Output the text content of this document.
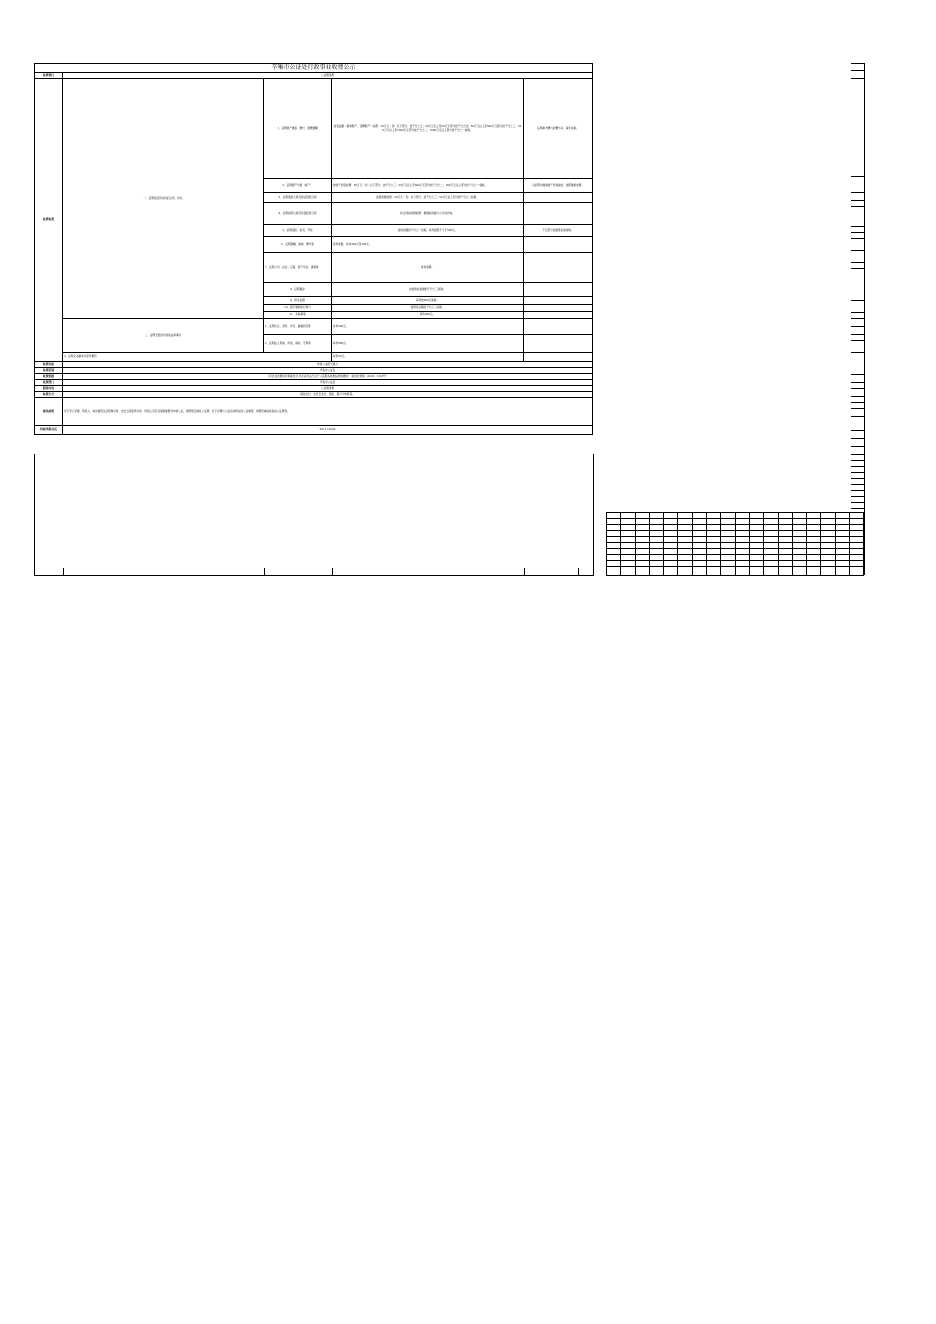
辛集市公证处行政事业收费公示				
收费项目	公证服务费			
收费标准	一、证明有经济内容的合同、协议	1、证明财产继承、赠与、遗赠遗嘱	按受益额（继承财产、受赠财产）收费：20万元（含）以下部分，按千分之五；20万元以上至50万元部分按千分之四；50万元以上至500万元部分按千分之三；500万元以上至1000万元部分按千分之二；1000万元以上部分按千分之一收取。	证明单方赠与的赠与书，减半收取。
		2、证明财产分割（析产）	按财产价值收费：50万元（含）以下部分，按千分之三；50万元以上至500万元部分按千分之二；500万元以上部分按千分之一收取。	对证明为继承财产作准备的，按照继承收费。
		3、证明借款合同及保证借款合同	按借款额收费：50万元（含）以下部分，按千分之三；50万元以上部分按千分之二收取。	
		4、证明担保合同及其他经济合同	按合同标的额收费：根据标的额大小分档计收。	
		5、证明招标、拍卖、开标	按标的额的千分之一收取，每件最低不少于500元。	不足部分按最低标准收取。
		6、证明遗嘱、继承、赠与等	按件收费，每件200元至500元。	
		7、证明公司（企业）章程、资产评估、清算等	按件收费。	
		8、证明提存	按提存标的额的千分之三收取。	
		9、保全证据	每件按200元收取。	
		10、赋予强制执行效力	按债务总额的千分之三收取。	
		11、其他事项	每件200元。	
	二、证明无经济内容的法律事实	1、证明出生、身份、学历、婚姻状况等	每件200元。	
		2、证明法人资格、资信、商标、专利等	每件300元。	
	3、证明文书副本与原件相符		每件50元。	
收费对象	申请公证的当事人			
收费范围	辛集市公证处			
收费依据	《河北省发展和改革委员会 河北省司法厅关于公证服务收费标准的通知》（冀发改价格〔2018〕1218号）			
收费部门	辛集市公证处			
服务内容	公证服务费			
收费方式	微信支付、支付宝支付、现金、银行卡转账等。			
减免政策	对于军人军属、残疾人、城乡最低生活保障对象、农村五保供养对象、特困人员及其他困难群众申请公证，按照规定减免公证费；对于办理与公益活动相关的公证事项，视情况减收或免收公证费用。			
价格举报电话	0311-12345			
